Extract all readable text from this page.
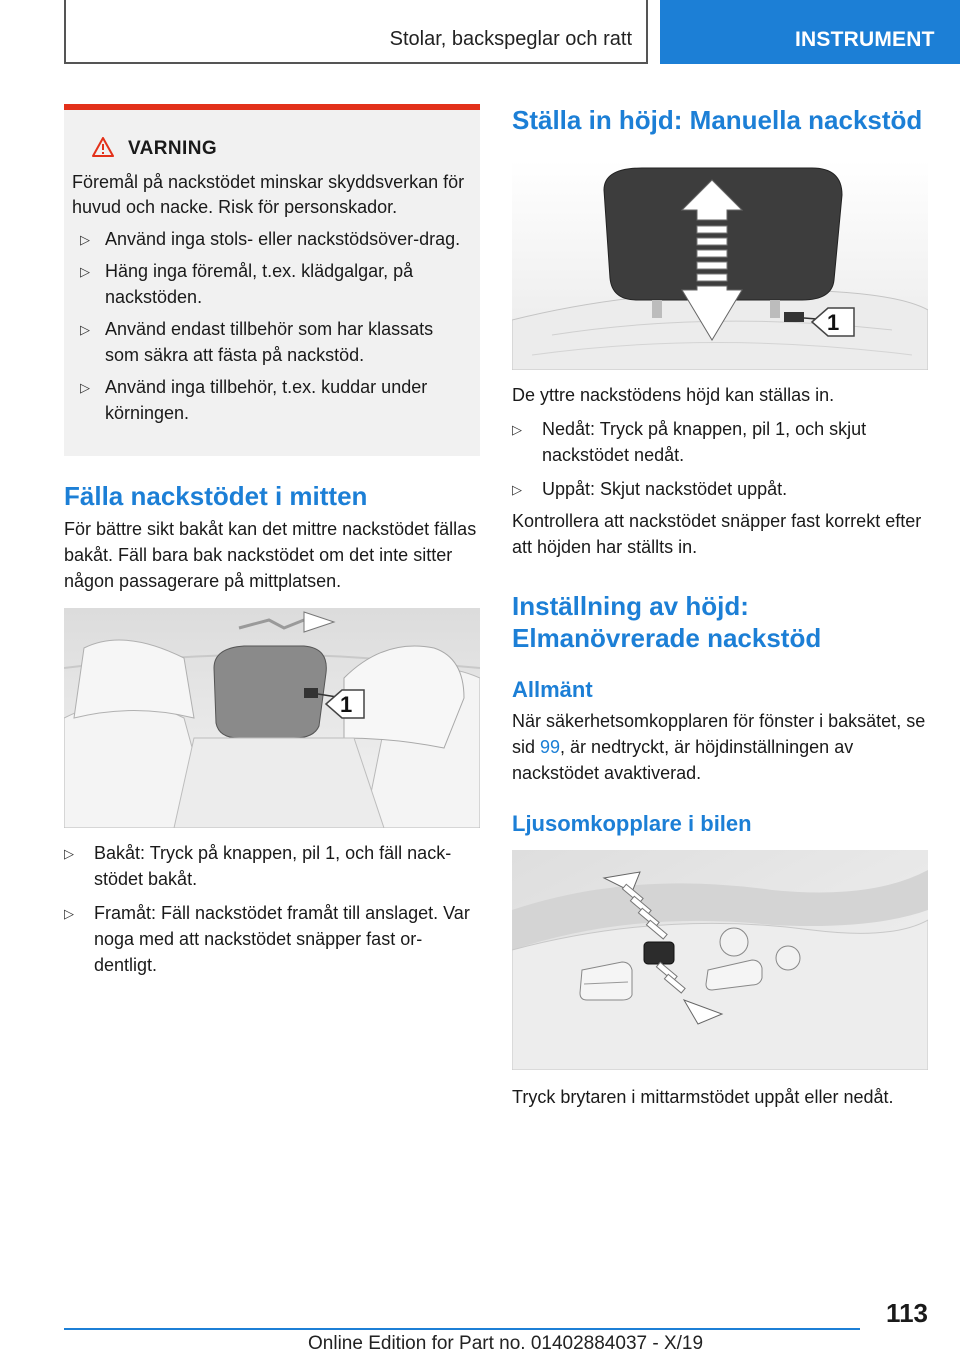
Stolar, backspeglar och ratt	INSTRUMENT
VARNING
Föremål på nackstödet minskar skyddsverkan för huvud och nacke. Risk för personskador.
▷ Använd inga stols- eller nackstödsöver-drag.
▷ Häng inga föremål, t.ex. klädgalgar, på nackstöden.
▷ Använd endast tillbehör som har klassats som säkra att fästa på nackstöd.
▷ Använd inga tillbehör, t.ex. kuddar under körningen.
Fälla nackstödet i mitten

För bättre sikt bakåt kan det mittre nackstödet fällas bakåt. Fäll bara bak nackstödet om det inte sitter någon passagerare på mittplatsen.

1
▷ Bakåt: Tryck på knappen, pil 1, och fäll nack-stödet bakåt.
▷ Framåt: Fäll nackstödet framåt till anslaget. Var noga med att nackstödet snäpper fast or-dentligt.
Ställa in höjd: Manuella nackstöd
1

De yttre nackstödens höjd kan ställas in.

▷ Nedåt: Tryck på knappen, pil 1, och skjut nackstödet nedåt.
▷ Uppåt: Skjut nackstödet uppåt.

Kontrollera att nackstödet snäpper fast korrekt efter att höjden har ställts in.

Inställning av höjd:
Elmanövrerade nackstöd
Allmänt

När säkerhetsomkopplaren för fönster i baksätet, se sid 99, är nedtryckt, är höjdinställningen av nackstödet avaktiverad.

Ljusomkopplare i bilen

Tryck brytaren i mittarmstödet uppåt eller nedåt.

113
Online Edition for Part no. 01402884037 - X/19
